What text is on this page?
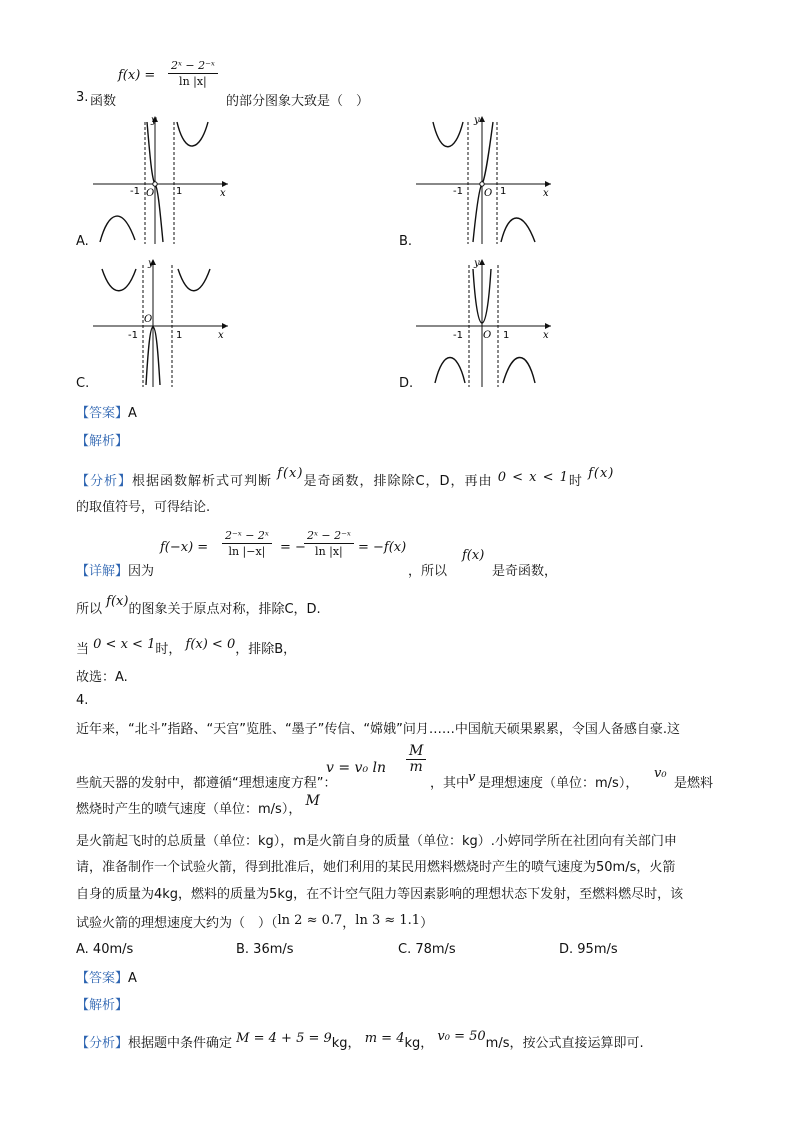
3. 函数
$f(x) = \frac{\text{2ˣ − 2⁻ˣ}}{\ln |x|}$
的部分图象大致是（　）
y
x
O
-1	1
A.
y
x
O
-1	1
B.
y
x
O
-1	1
C.
y
x
O
-1	1
D.
【答案】A
【解析】
【分析】根据函数解析式可判断 f(x)是奇函数，排除除C，D，再由 0 < x < 1时 f(x)
的取值符号，可得结论.
【详解】 因为
$f(-x) = \frac{\text{2⁻ˣ − 2ˣ}}{\ln |-x|}$ = −
$\frac{\text{2ˣ − 2⁻ˣ}}{\ln |x|} = -f(x)$
，所以
f(x)
是奇函数，
所以 f(x)的图象关于原点对称，排除C，D.
当 0 < x < 1时， f(x) < 0，排除B，
故选：A.
4.
近年来，“北斗”指路、“天宫”览胜、“墨子”传信、“嫦娥”问月……中国航天硕果累累，令国人备感自豪.这
些航天器的发射中，都遵循“理想速度方程”：
v = v₀ $\ln \frac{M}{m}$
，其中
v 是理想速度（单位：m/s），
v₀
是燃料
燃烧时产生的喷气速度（单位：m/s）， M
是火箭起飞时的总质量（单位：kg），m是火箭自身的质量（单位：kg）.小婷同学所在社团向有关部门申
请，准备制作一个试验火箭，得到批准后，她们利用的某民用燃料燃烧时产生的喷气速度为50m/s，火箭
自身的质量为4kg，燃料的质量为5kg，在不计空气阻力等因素影响的理想状态下发射，至燃料燃尽时，该
试验火箭的理想速度大约为（　）（ln 2 ≈ 0.7，ln 3 ≈ 1.1）
A. 40m/s	B. 36m/s	C. 78m/s	D. 95m/s
【答案】A
【解析】
【分析】根据题中条件确定 M = 4 + 5 = 9kg， m = 4kg， v₀ = 50m/s，按公式直接运算即可.
